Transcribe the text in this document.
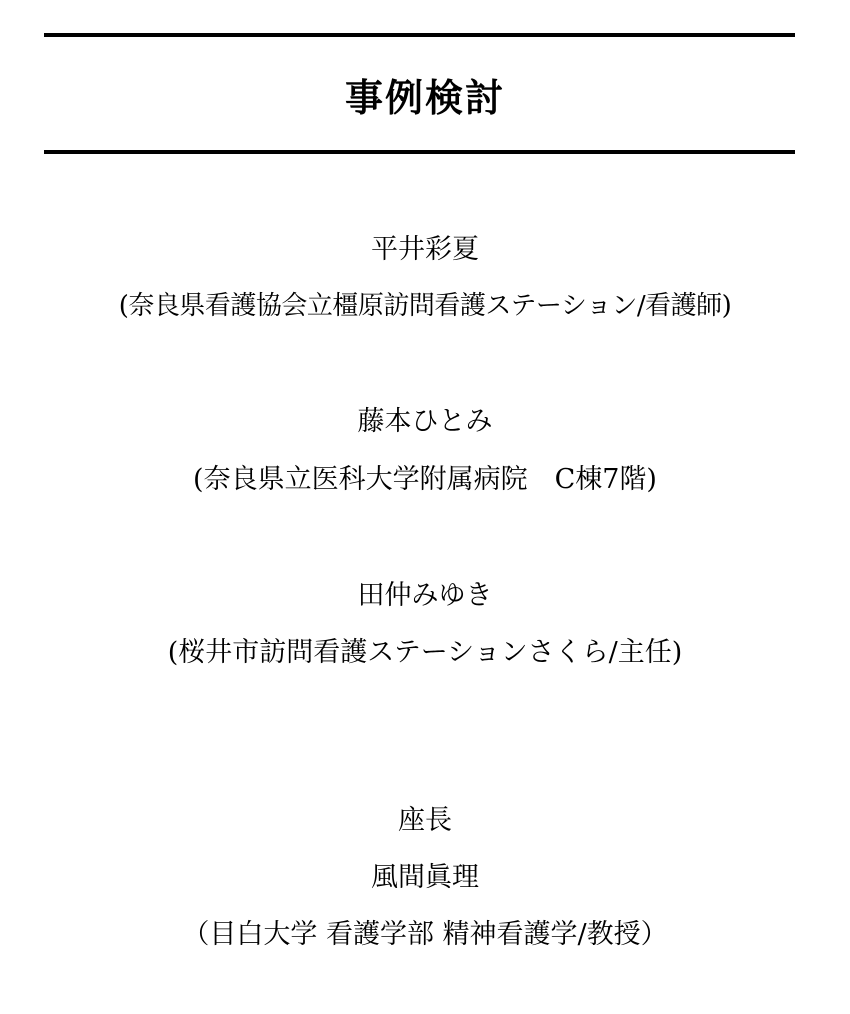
事例検討
平井彩夏
(奈良県看護協会立橿原訪問看護ステーション/看護師)
藤本ひとみ
(奈良県立医科大学附属病院　C棟7階)
田仲みゆき
(桜井市訪問看護ステーションさくら/主任)
座長
風間眞理
（目白大学 看護学部 精神看護学/教授）
